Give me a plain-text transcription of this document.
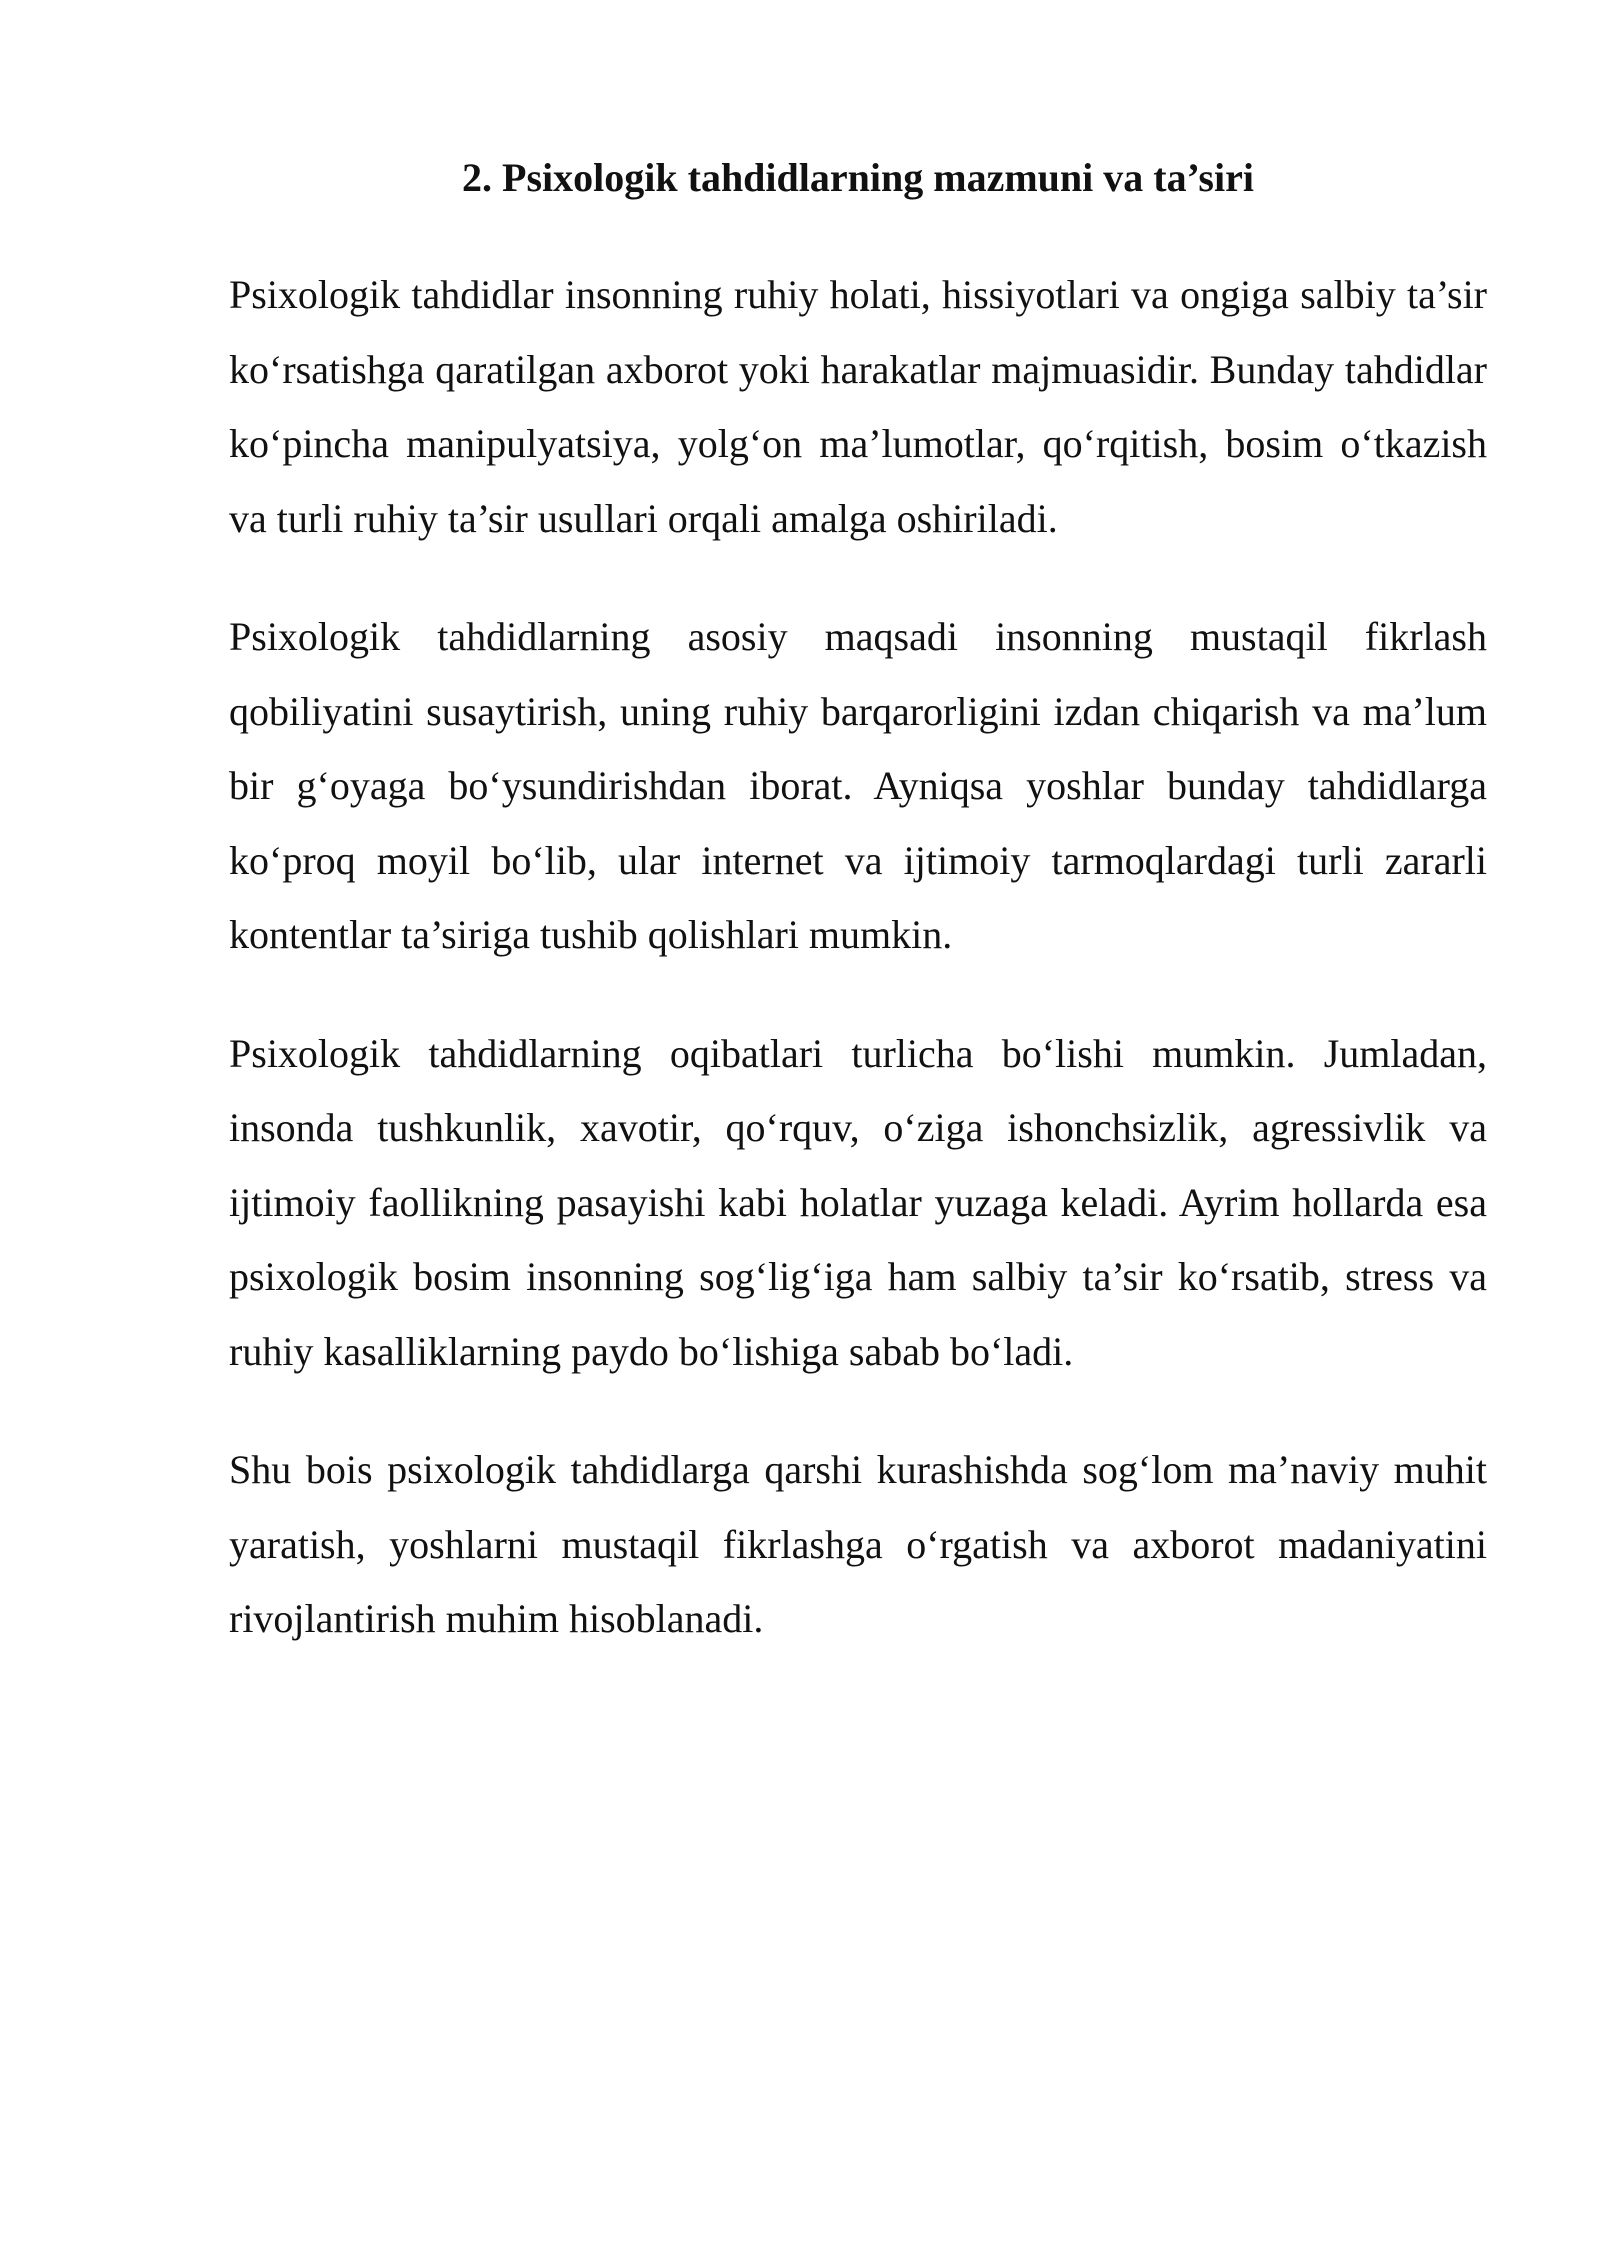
2. Psixologik tahdidlarning mazmuni va ta’siri

Psixologik tahdidlar insonning ruhiy holati, hissiyotlari va ongiga salbiy ta’sir ko‘rsatishga qaratilgan axborot yoki harakatlar majmuasidir. Bunday tahdidlar ko‘pincha manipulyatsiya, yolg‘on ma’lumotlar, qo‘rqitish, bosim o‘tkazish va turli ruhiy ta’sir usullari orqali amalga oshiriladi.

Psixologik tahdidlarning asosiy maqsadi insonning mustaqil fikrlash qobiliyatini susaytirish, uning ruhiy barqarorligini izdan chiqarish va ma’lum bir g‘oyaga bo‘ysundirishdan iborat. Ayniqsa yoshlar bunday tahdidlarga ko‘proq moyil bo‘lib, ular internet va ijtimoiy tarmoqlardagi turli zararli kontentlar ta’siriga tushib qolishlari mumkin.

Psixologik tahdidlarning oqibatlari turlicha bo‘lishi mumkin. Jumladan, insonda tushkunlik, xavotir, qo‘rquv, o‘ziga ishonchsizlik, agressivlik va ijtimoiy faollikning pasayishi kabi holatlar yuzaga keladi. Ayrim hollarda esa psixologik bosim insonning sog‘lig‘iga ham salbiy ta’sir ko‘rsatib, stress va ruhiy kasalliklarning paydo bo‘lishiga sabab bo‘ladi.

Shu bois psixologik tahdidlarga qarshi kurashishda sog‘lom ma’naviy muhit yaratish, yoshlarni mustaqil fikrlashga o‘rgatish va axborot madaniyatini rivojlantirish muhim hisoblanadi.
